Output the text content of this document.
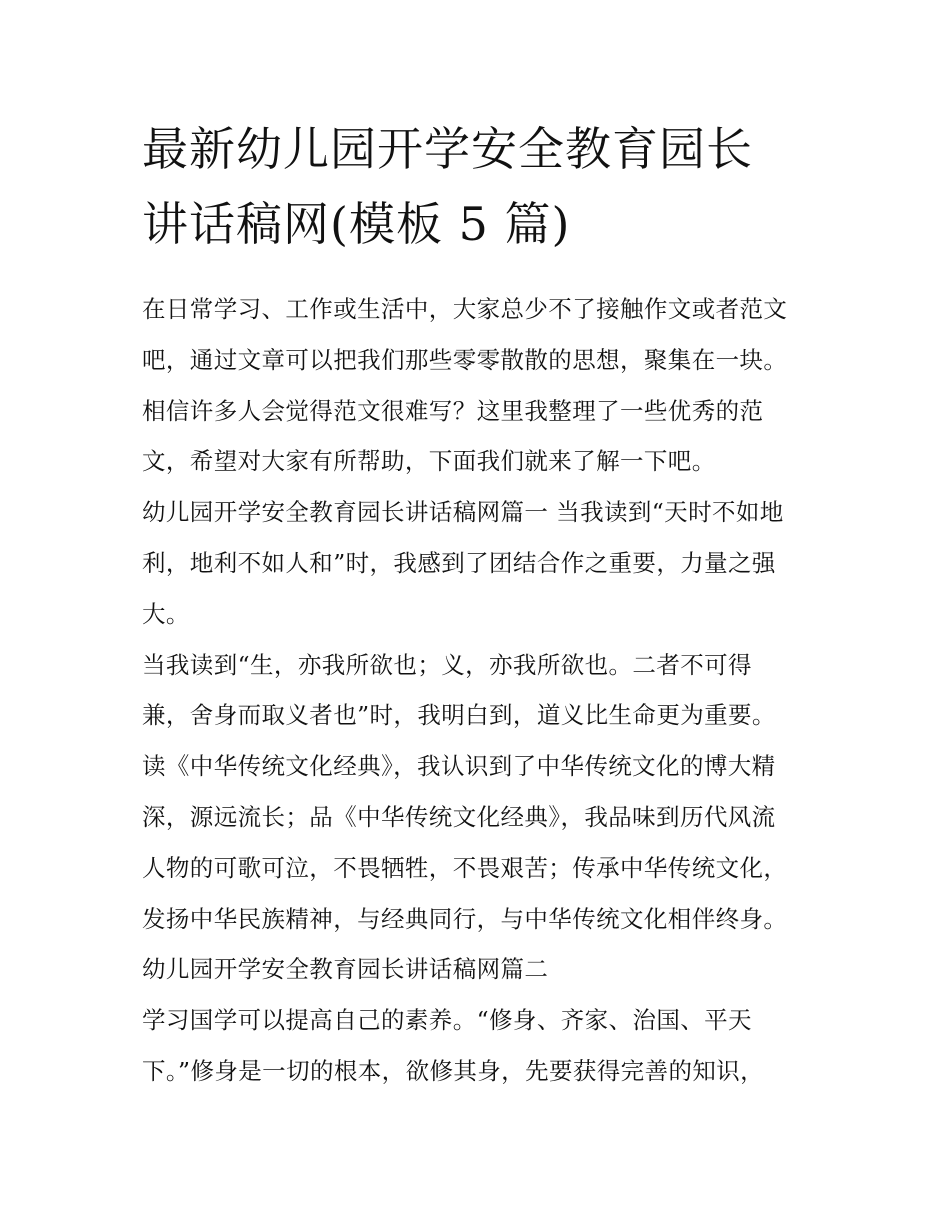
最新幼儿园开学安全教育园长
讲话稿网(模板 5 篇)
在日常学习、工作或生活中，大家总少不了接触作文或者范文
吧，通过文章可以把我们那些零零散散的思想，聚集在一块。
相信许多人会觉得范文很难写？这里我整理了一些优秀的范
文，希望对大家有所帮助，下面我们就来了解一下吧。
幼儿园开学安全教育园长讲话稿网篇一 当我读到“天时不如地
利，地利不如人和”时，我感到了团结合作之重要，力量之强
大。
当我读到“生，亦我所欲也；义，亦我所欲也。二者不可得
兼，舍身而取义者也”时，我明白到，道义比生命更为重要。
读《中华传统文化经典》，我认识到了中华传统文化的博大精
深，源远流长；品《中华传统文化经典》，我品味到历代风流
人物的可歌可泣，不畏牺牲，不畏艰苦；传承中华传统文化，
发扬中华民族精神，与经典同行，与中华传统文化相伴终身。
幼儿园开学安全教育园长讲话稿网篇二
学习国学可以提高自己的素养。“修身、齐家、治国、平天
下。”修身是一切的根本，欲修其身，先要获得完善的知识，
